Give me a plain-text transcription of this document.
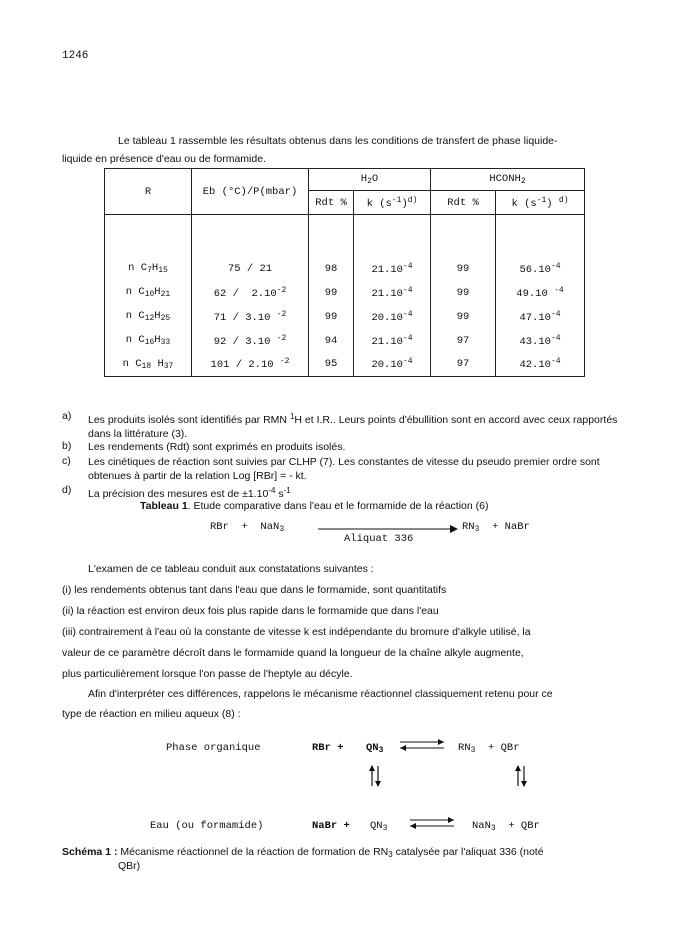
1246
Le tableau 1 rassemble les résultats obtenus dans les conditions de transfert de phase liquide-
liquide en présence d'eau ou de formamide.
R	Eb (°C)/P(mbar)	$H_2O$		$HCONH_2$
		Rdt %	k $(s^{-1})^{d)}$	Rdt %	k $(s^{-1})$ $^{d)}$

n $C_7H_{15}$	75 / 21	98	$21.10^{-4}$	99	$56.10^{-4}$
n $C_{10}H_{21}$	$62 / 2.10^{-2}$	99	$21.10^{-4}$	99	49.10 $^{-4}$
n $C_{12}H_{25}$	71 / 3.10 $^{-2}$	99	$20.10^{-4}$	99	$47.10^{-4}$
n $C_{16}H_{33}$	92 / 3.10 $^{-2}$	94	$21.10^{-4}$	97	$43.10^{-4}$
n $C_{18}$ $H_{37}$	101 / 2.10 $^{-2}$	95	$20.10^{-4}$	97	$42.10^{-4}$
a) Les produits isolés sont identifiés par RMN $^1$H et I.R.. Leurs points d'ébullition sont en accord avec ceux rapportés dans la littérature (3).
b) Les rendements (Rdt) sont exprimés en produits isolés.
c) Les cinétiques de réaction sont suivies par CLHP (7). Les constantes de vitesse du pseudo premier ordre sont obtenues à partir de la relation Log [RBr] = - kt.
d) La précision des mesures est de $\pm 1.10^{-4}$ $s^{-1}$
Tableau 1. Etude comparative dans l'eau et le formamide de la réaction (6)
RBr  +  NaN$_3$
Aliquat 336
$RN_3$  + NaBr
L'examen de ce tableau conduit aux constatations suivantes :
(i) les rendements obtenus tant dans l'eau que dans le formamide, sont quantitatifs
(ii) la réaction est environ deux fois plus rapide dans le formamide que dans l'eau
(iii) contrairement à l'eau où la constante de vitesse k est indépendante du bromure d'alkyle utilisé, la
valeur de ce paramètre décroît dans le formamide quand la longueur de la chaîne alkyle augmente,
plus particulièrement lorsque l'on passe de l'heptyle au décyle.
Afin d'interpréter ces différences, rappelons le mécanisme réactionnel classiquement retenu pour ce
type de réaction en milieu aqueux (8) :
Phase organique	RBr + $QN_3$ ⇌ $RN_3$  + QBr
Eau (ou formamide)	NaBr + $QN_3$ ⇌ NaN$_3$  + QBr
Schéma 1 : Mécanisme réactionnel de la réaction de formation de $RN_3$ catalysée par l'aliquat 336 (noté
QBr)
